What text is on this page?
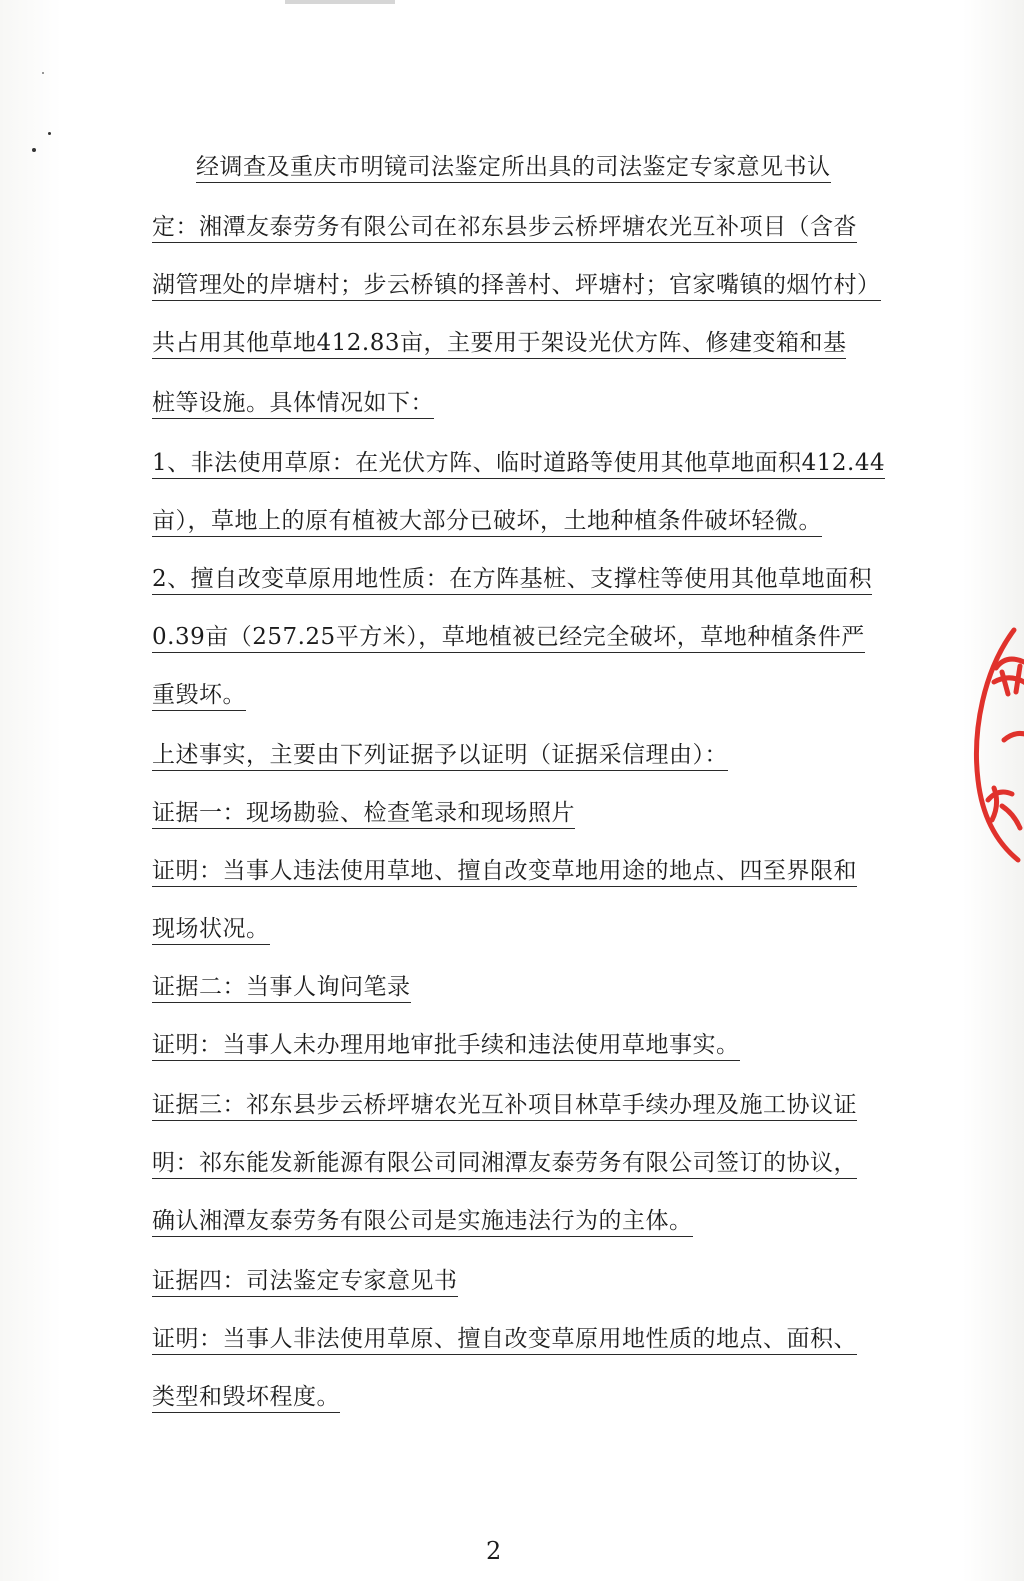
经调查及重庆市明镜司法鉴定所出具的司法鉴定专家意见书认
定：湘潭友泰劳务有限公司在祁东县步云桥坪塘农光互补项目（含沓
湖管理处的岸塘村；步云桥镇的择善村、坪塘村；官家嘴镇的烟竹村）
共占用其他草地412.83亩，主要用于架设光伏方阵、修建变箱和基
桩等设施。具体情况如下：
1、非法使用草原：在光伏方阵、临时道路等使用其他草地面积412.44
亩），草地上的原有植被大部分已破坏，土地种植条件破坏轻微。
2、擅自改变草原用地性质：在方阵基桩、支撑柱等使用其他草地面积
0.39亩（257.25平方米），草地植被已经完全破坏，草地种植条件严
重毁坏。
上述事实，主要由下列证据予以证明（证据采信理由）：
证据一：现场勘验、检查笔录和现场照片
证明：当事人违法使用草地、擅自改变草地用途的地点、四至界限和
现场状况。
证据二：当事人询问笔录
证明：当事人未办理用地审批手续和违法使用草地事实。
证据三：祁东县步云桥坪塘农光互补项目林草手续办理及施工协议证
明：祁东能发新能源有限公司同湘潭友泰劳务有限公司签订的协议，
确认湘潭友泰劳务有限公司是实施违法行为的主体。
证据四：司法鉴定专家意见书
证明：当事人非法使用草原、擅自改变草原用地性质的地点、面积、
类型和毁坏程度。
2
